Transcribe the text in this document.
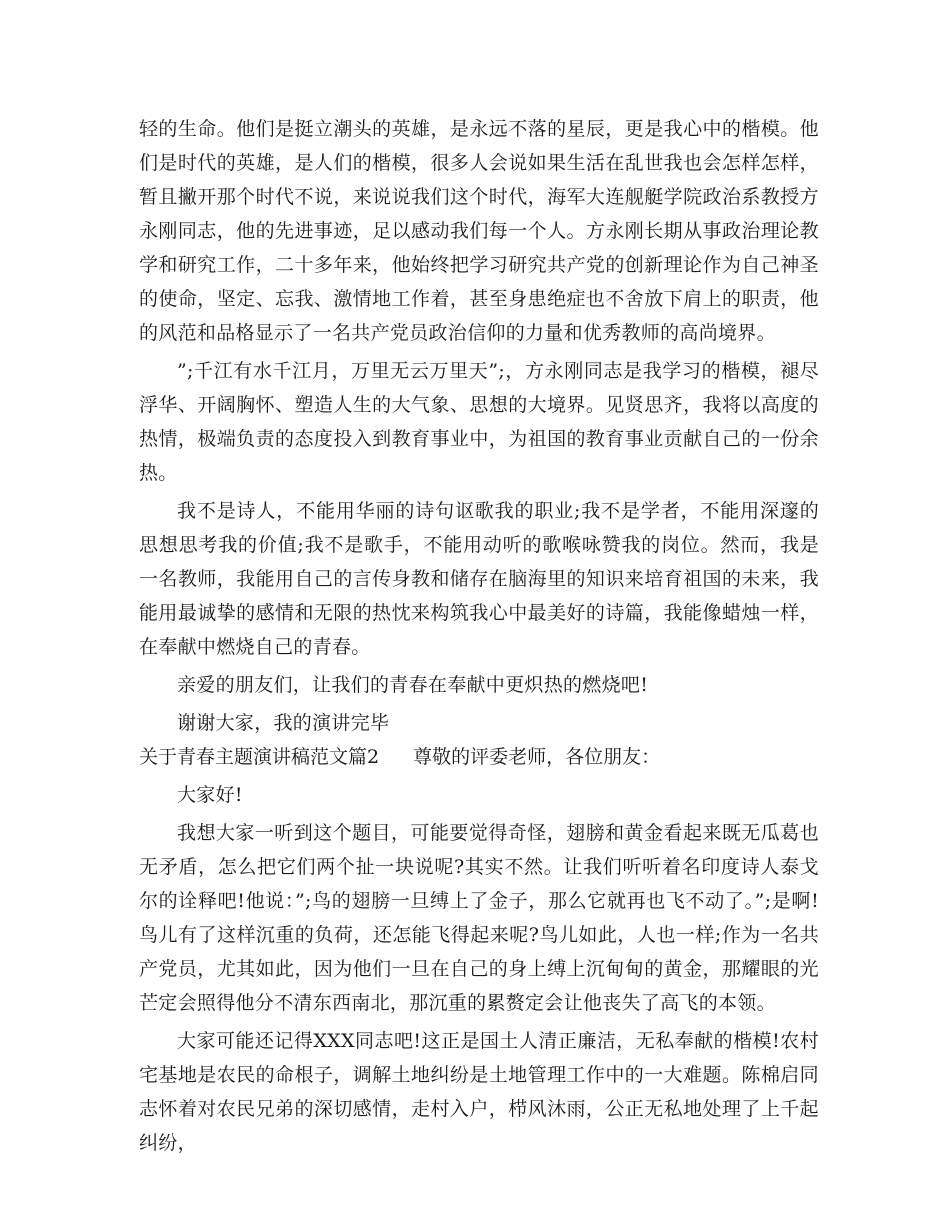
轻的生命。他们是挺立潮头的英雄，是永远不落的星辰，更是我心中的楷模。他们是时代的英雄，是人们的楷模，很多人会说如果生活在乱世我也会怎样怎样，暂且撇开那个时代不说，来说说我们这个时代，海军大连舰艇学院政治系教授方永刚同志，他的先进事迹，足以感动我们每一个人。方永刚长期从事政治理论教学和研究工作，二十多年来，他始终把学习研究共产党的创新理论作为自己神圣的使命，坚定、忘我、激情地工作着，甚至身患绝症也不舍放下肩上的职责，他的风范和品格显示了一名共产党员政治信仰的力量和优秀教师的高尚境界。

”;千江有水千江月，万里无云万里天”;，方永刚同志是我学习的楷模，褪尽浮华、开阔胸怀、塑造人生的大气象、思想的大境界。见贤思齐，我将以高度的热情，极端负责的态度投入到教育事业中，为祖国的教育事业贡献自己的一份余热。

我不是诗人，不能用华丽的诗句讴歌我的职业;我不是学者，不能用深邃的思想思考我的价值;我不是歌手，不能用动听的歌喉咏赞我的岗位。然而，我是一名教师，我能用自己的言传身教和储存在脑海里的知识来培育祖国的未来，我能用最诚挚的感情和无限的热忱来构筑我心中最美好的诗篇，我能像蜡烛一样，在奉献中燃烧自己的青春。

亲爱的朋友们，让我们的青春在奉献中更炽热的燃烧吧!

谢谢大家，我的演讲完毕

关于青春主题演讲稿范文篇2 尊敬的评委老师，各位朋友：

大家好!

我想大家一听到这个题目，可能要觉得奇怪，翅膀和黄金看起来既无瓜葛也无矛盾，怎么把它们两个扯一块说呢?其实不然。让我们听听着名印度诗人泰戈尔的诠释吧!他说：”;鸟的翅膀一旦缚上了金子，那么它就再也飞不动了。”;是啊!鸟儿有了这样沉重的负荷，还怎能飞得起来呢?鸟儿如此，人也一样;作为一名共产党员，尤其如此，因为他们一旦在自己的身上缚上沉甸甸的黄金，那耀眼的光芒定会照得他分不清东西南北，那沉重的累赘定会让他丧失了高飞的本领。

大家可能还记得XXX同志吧!这正是国土人清正廉洁，无私奉献的楷模!农村宅基地是农民的命根子，调解土地纠纷是土地管理工作中的一大难题。陈棉启同志怀着对农民兄弟的深切感情，走村入户，栉风沐雨，公正无私地处理了上千起纠纷，
